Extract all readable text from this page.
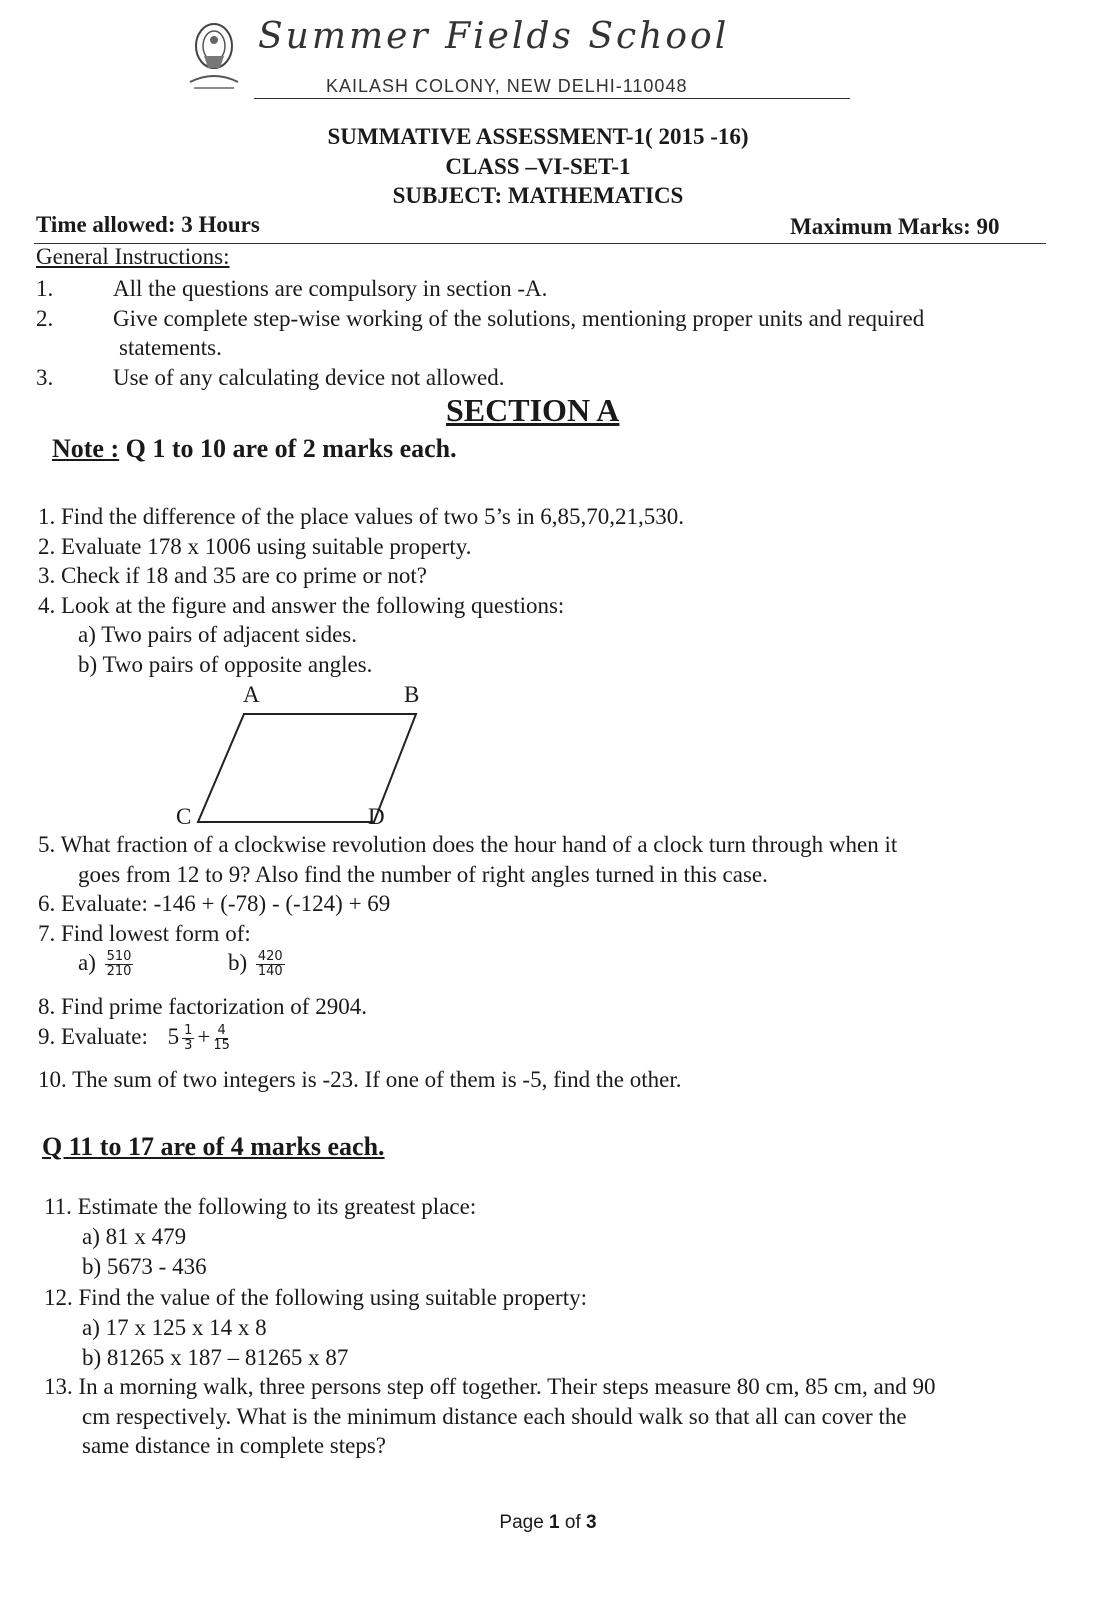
Summer Fields School
KAILASH COLONY, NEW DELHI-110048
SUMMATIVE ASSESSMENT-1( 2015 -16)
CLASS –VI-SET-1
SUBJECT: MATHEMATICS
Time allowed: 3 Hours	Maximum Marks: 90
General Instructions:
1.	All the questions are compulsory in section -A.
2.	Give complete step-wise working of the solutions, mentioning proper units and required
statements.
3.	Use of any calculating device not allowed.
SECTION A
Note : Q 1 to 10 are of 2 marks each.
1. Find the difference of the place values of two 5’s in 6,85,70,21,530.
2. Evaluate 178 x 1006 using suitable property.
3. Check if 18 and 35 are co prime or not?
4. Look at the figure and answer the following questions:
a) Two pairs of adjacent sides.
b) Two pairs of opposite angles.
A	B
C	D
5. What fraction of a clockwise revolution does the hour hand of a clock turn through when it
goes from 12 to 9? Also find the number of right angles turned in this case.
6. Evaluate: -146 + (-78) - (-124) + 69
7. Find lowest form of:
$a) \frac{510}{210}$	$b) \frac{420}{140}$
8. Find prime factorization of 2904.
9. Evaluate: $5 \frac{1}{3} + \frac{4}{15}$
10. The sum of two integers is -23. If one of them is -5, find the other.
Q 11 to 17 are of 4 marks each.
11. Estimate the following to its greatest place:
a) 81 x 479
b) 5673 - 436
12. Find the value of the following using suitable property:
a) 17 x 125 x 14 x 8
b) 81265 x 187 – 81265 x 87
13. In a morning walk, three persons step off together. Their steps measure 80 cm, 85 cm, and 90
cm respectively. What is the minimum distance each should walk so that all can cover the
same distance in complete steps?
Page 1 of 3
